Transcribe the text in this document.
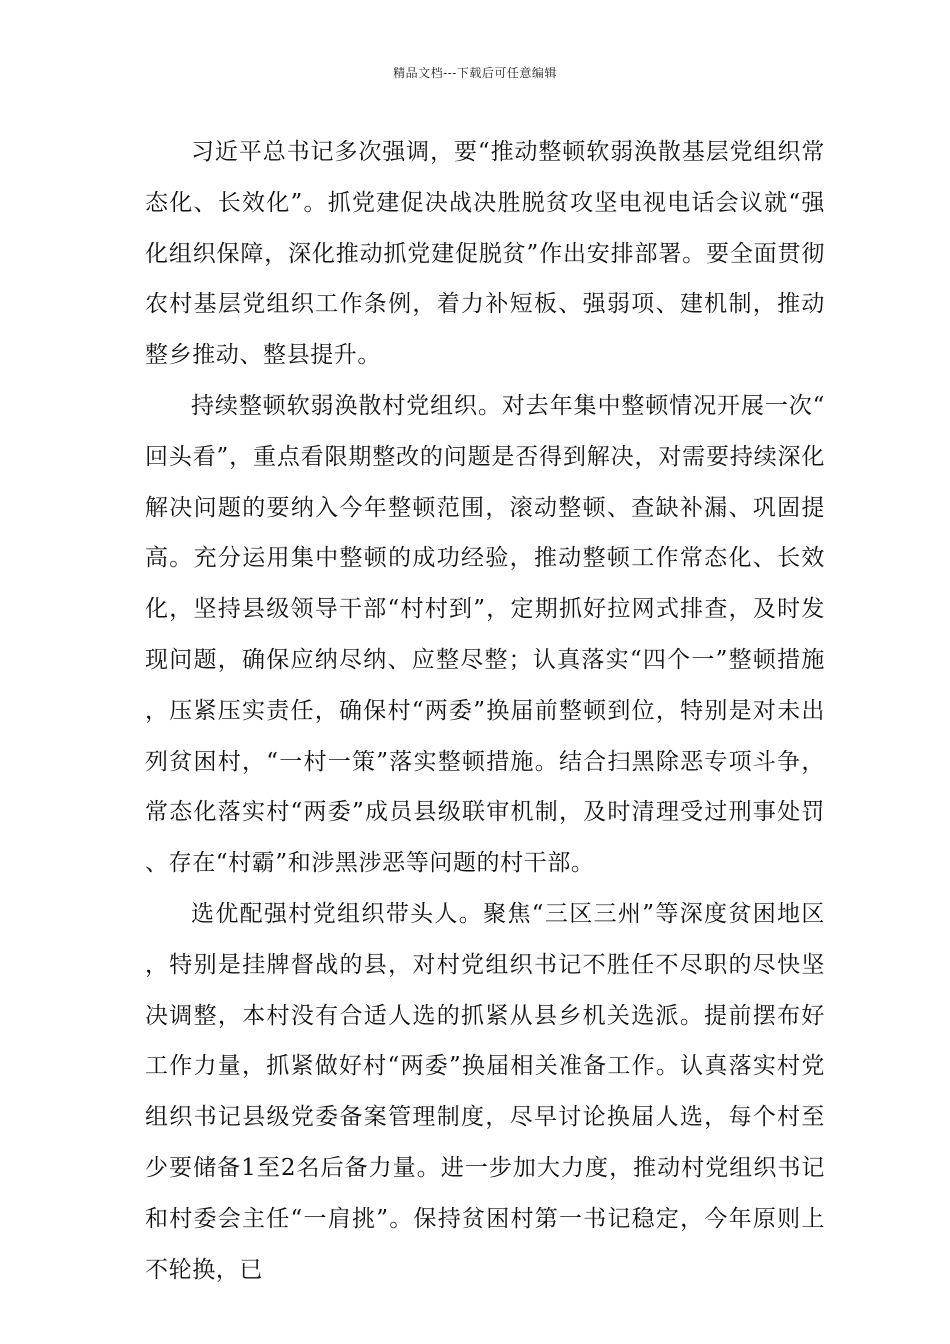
精品文档---下载后可任意编辑

习近平总书记多次强调，要“推动整顿软弱涣散基层党组织常态化、长效化”。抓党建促决战决胜脱贫攻坚电视电话会议就“强化组织保障，深化推动抓党建促脱贫”作出安排部署。要全面贯彻农村基层党组织工作条例，着力补短板、强弱项、建机制，推动整乡推动、整县提升。

持续整顿软弱涣散村党组织。对去年集中整顿情况开展一次“回头看”，重点看限期整改的问题是否得到解决，对需要持续深化解决问题的要纳入今年整顿范围，滚动整顿、查缺补漏、巩固提高。充分运用集中整顿的成功经验，推动整顿工作常态化、长效化，坚持县级领导干部“村村到”，定期抓好拉网式排查，及时发现问题，确保应纳尽纳、应整尽整；认真落实“四个一”整顿措施，压紧压实责任，确保村“两委”换届前整顿到位，特别是对未出列贫困村，“一村一策”落实整顿措施。结合扫黑除恶专项斗争，常态化落实村“两委”成员县级联审机制，及时清理受过刑事处罚、存在“村霸”和涉黑涉恶等问题的村干部。

选优配强村党组织带头人。聚焦“三区三州”等深度贫困地区，特别是挂牌督战的县，对村党组织书记不胜任不尽职的尽快坚决调整，本村没有合适人选的抓紧从县乡机关选派。提前摆布好工作力量，抓紧做好村“两委”换届相关准备工作。认真落实村党组织书记县级党委备案管理制度，尽早讨论换届人选，每个村至少要储备1至2名后备力量。进一步加大力度，推动村党组织书记和村委会主任“一肩挑”。保持贫困村第一书记稳定，今年原则上不轮换，已
